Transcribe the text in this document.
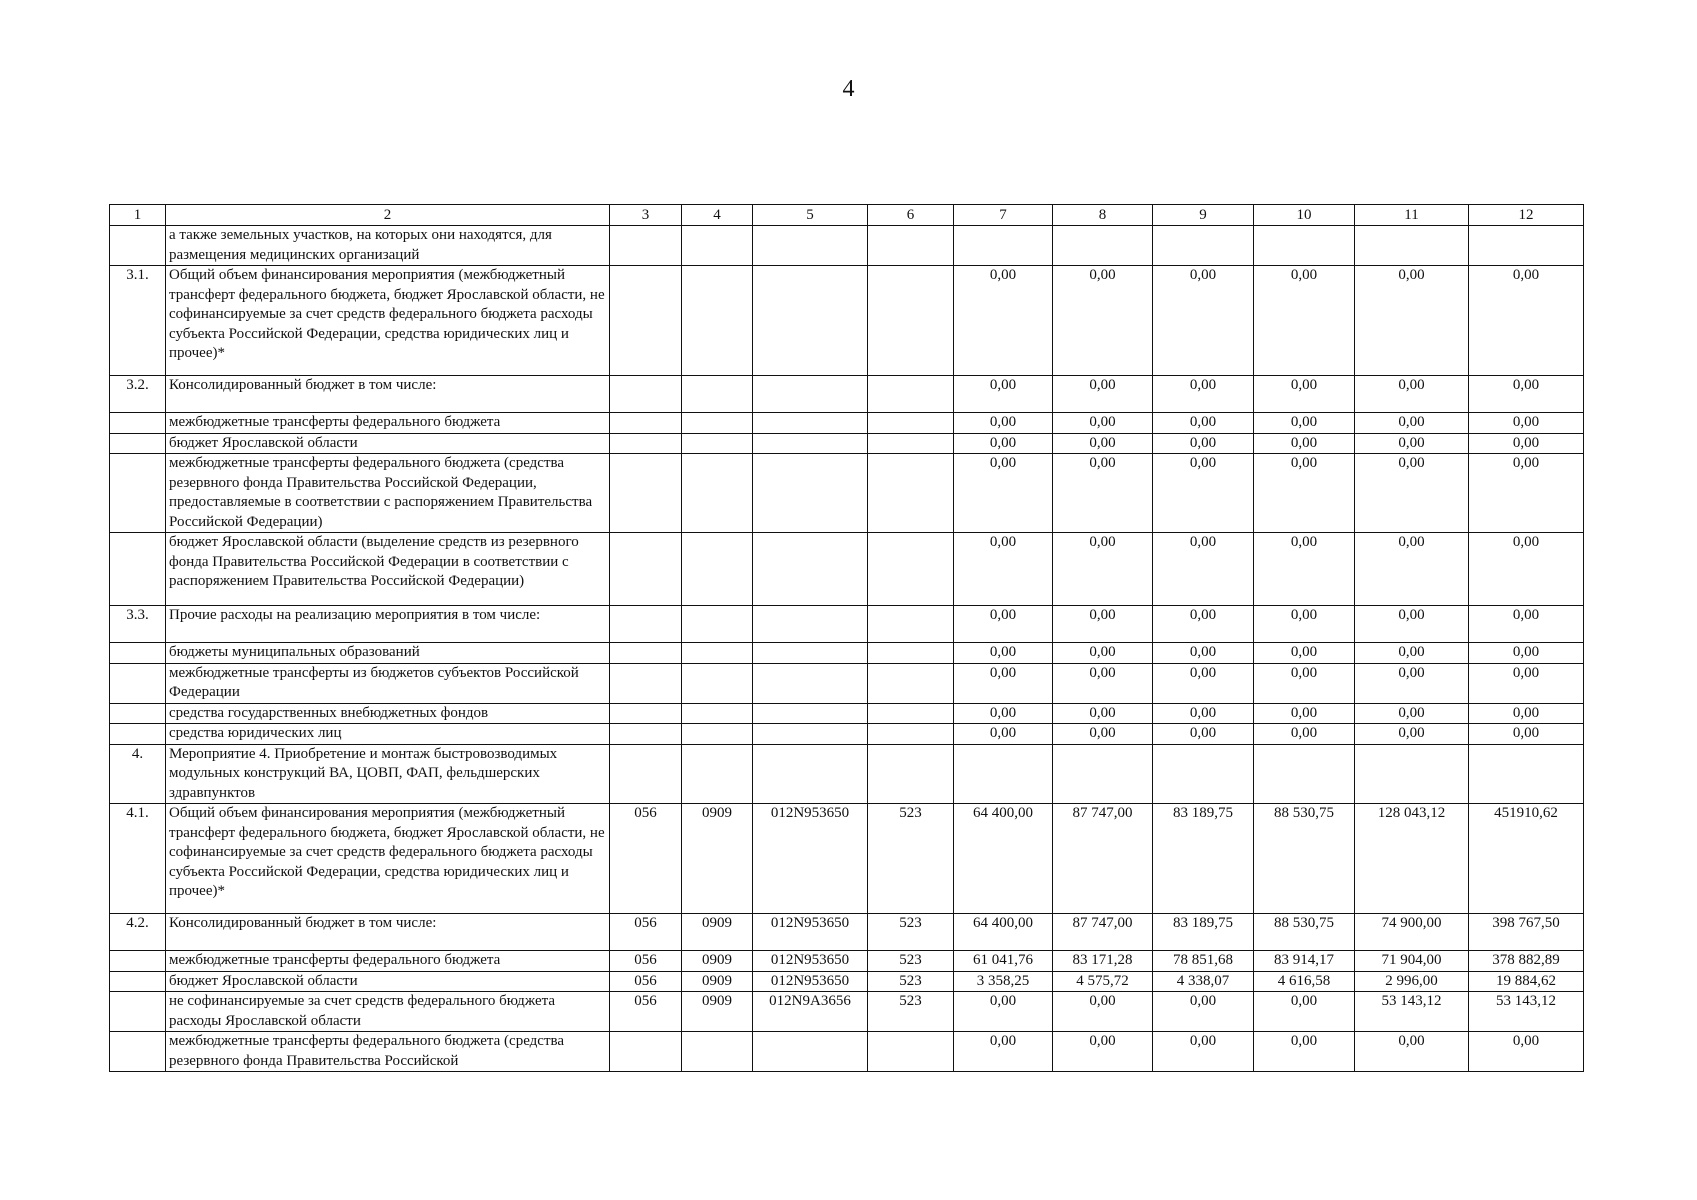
4
1	2	3	4	5	6	7	8	9	10	11	12
	а также земельных участков, на которых они находятся, для размещения медицинских организаций										
3.1.	Общий объем финансирования мероприятия (межбюджетный трансферт федерального бюджета, бюджет Ярославской области, не софинансируемые за счет средств федерального бюджета расходы субъекта Российской Федерации, средства юридических лиц и прочее)*					0,00	0,00	0,00	0,00	0,00	0,00
3.2.	Консолидированный бюджет в том числе:					0,00	0,00	0,00	0,00	0,00	0,00
	межбюджетные трансферты федерального бюджета					0,00	0,00	0,00	0,00	0,00	0,00
	бюджет Ярославской области					0,00	0,00	0,00	0,00	0,00	0,00
	межбюджетные трансферты федерального бюджета (средства резервного фонда Правительства Российской Федерации, предоставляемые в соответствии с распоряжением Правительства Российской Федерации)					0,00	0,00	0,00	0,00	0,00	0,00
	бюджет Ярославской области (выделение средств из резервного фонда Правительства Российской Федерации в соответствии с распоряжением Правительства Российской Федерации)					0,00	0,00	0,00	0,00	0,00	0,00
3.3.	Прочие расходы на реализацию мероприятия в том числе:					0,00	0,00	0,00	0,00	0,00	0,00
	бюджеты муниципальных образований					0,00	0,00	0,00	0,00	0,00	0,00
	межбюджетные трансферты из бюджетов субъектов Российской Федерации					0,00	0,00	0,00	0,00	0,00	0,00
	средства государственных внебюджетных фондов					0,00	0,00	0,00	0,00	0,00	0,00
	средства юридических лиц					0,00	0,00	0,00	0,00	0,00	0,00
4.	Мероприятие 4. Приобретение и монтаж быстровозводимых модульных конструкций ВА, ЦОВП, ФАП, фельдшерских здравпунктов										
4.1.	Общий объем финансирования мероприятия (межбюджетный трансферт федерального бюджета, бюджет Ярославской области, не софинансируемые за счет средств федерального бюджета расходы субъекта Российской Федерации, средства юридических лиц и прочее)*	056	0909	012N953650	523	64 400,00	87 747,00	83 189,75	88 530,75	128 043,12	451910,62
4.2.	Консолидированный бюджет в том числе:	056	0909	012N953650	523	64 400,00	87 747,00	83 189,75	88 530,75	74 900,00	398 767,50
	межбюджетные трансферты федерального бюджета	056	0909	012N953650	523	61 041,76	83 171,28	78 851,68	83 914,17	71 904,00	378 882,89
	бюджет Ярославской области	056	0909	012N953650	523	3 358,25	4 575,72	4 338,07	4 616,58	2 996,00	19 884,62
	не софинансируемые за счет средств федерального бюджета расходы Ярославской области	056	0909	012N9A3656	523	0,00	0,00	0,00	0,00	53 143,12	53 143,12
	межбюджетные трансферты федерального бюджета (средства резервного фонда Правительства Российской					0,00	0,00	0,00	0,00	0,00	0,00
